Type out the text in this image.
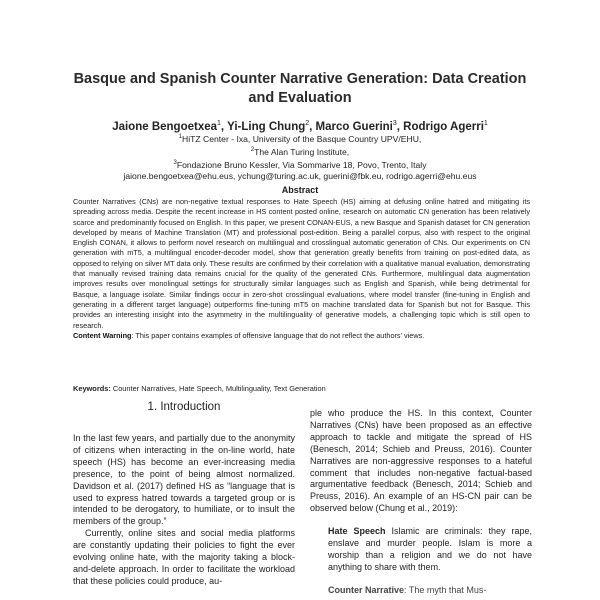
Basque and Spanish Counter Narrative Generation: Data Creation and Evaluation
Jaione Bengoetxea$^1$, Yi-Ling Chung$^2$, Marco Guerini$^3$, Rodrigo Agerri$^1$
$^1$HiTZ Center - Ixa, University of the Basque Country UPV/EHU,
$^2$The Alan Turing Institute,
$^3$Fondazione Bruno Kessler, Via Sommarive 18, Povo, Trento, Italy
jaione.bengoetxea@ehu.eus, ychung@turing.ac.uk, guerini@fbk.eu, rodrigo.agerri@ehu.eus
Abstract
Counter Narratives (CNs) are non-negative textual responses to Hate Speech (HS) aiming at defusing online hatred and mitigating its spreading across media. Despite the recent increase in HS content posted online, research on automatic CN generation has been relatively scarce and predominantly focused on English. In this paper, we present CONAN-EUS, a new Basque and Spanish dataset for CN generation developed by means of Machine Translation (MT) and professional post-edition. Being a parallel corpus, also with respect to the original English CONAN, it allows to perform novel research on multilingual and crosslingual automatic generation of CNs. Our experiments on CN generation with mT5, a multilingual encoder-decoder model, show that generation greatly benefits from training on post-edited data, as opposed to relying on silver MT data only. These results are confirmed by their correlation with a qualitative manual evaluation, demonstrating that manually revised training data remains crucial for the quality of the generated CNs. Furthermore, multilingual data augmentation improves results over monolingual settings for structurally similar languages such as English and Spanish, while being detrimental for Basque, a language isolate. Similar findings occur in zero-shot crosslingual evaluations, where model transfer (fine-tuning in English and generating in a different target language) outperforms fine-tuning mT5 on machine translated data for Spanish but not for Basque. This provides an interesting insight into the asymmetry in the multilinguality of generative models, a challenging topic which is still open to research.
Content Warning: This paper contains examples of offensive language that do not reflect the authors' views.
Keywords: Counter Narratives, Hate Speech, Multilinguality, Text Generation
1. Introduction

In the last few years, and partially due to the anonymity of citizens when interacting in the on-line world, hate speech (HS) has become an ever-increasing media presence, to the point of being almost normalized. Davidson et al. (2017) defined HS as “language that is used to express hatred towards a targeted group or is intended to be derogatory, to humiliate, or to insult the members of the group.”

Currently, online sites and social media platforms are constantly updating their policies to fight the ever evolving online hate, with the majority taking a block-and-delete approach. In order to facilitate the workload that these policies could produce, au-

ple who produce the HS. In this context, Counter Narratives (CNs) have been proposed as an effective approach to tackle and mitigate the spread of HS (Benesch, 2014; Schieb and Preuss, 2016). Counter Narratives are non-aggressive responses to a hateful comment that includes non-negative factual-based argumentative feedback (Benesch, 2014; Schieb and Preuss, 2016). An example of an HS-CN pair can be observed below (Chung et al., 2019):

Hate Speech Islamic are criminals: they rape, enslave and murder people. Islam is more a worship than a religion and we do not have anything to share with them.

Counter Narrative: The myth that Mus-
